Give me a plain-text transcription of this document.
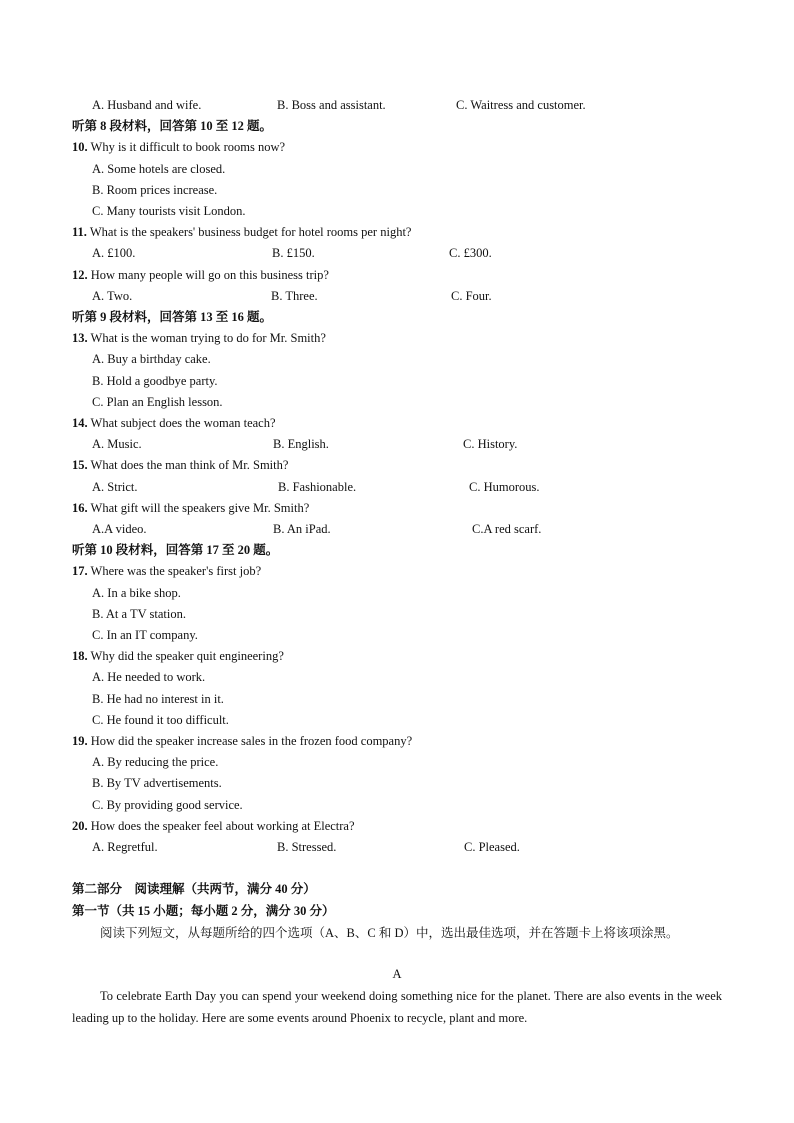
A. Husband and wife.	B. Boss and assistant.	C. Waitress and customer.
听第 8 段材料，回答第 10 至 12 题。
10. Why is it difficult to book rooms now?
A. Some hotels are closed.
B. Room prices increase.
C. Many tourists visit London.
11. What is the speakers' business budget for hotel rooms per night?
A. £100.	B. £150.	C. £300.
12. How many people will go on this business trip?
A. Two.	B. Three.	C. Four.
听第 9 段材料，回答第 13 至 16 题。
13. What is the woman trying to do for Mr. Smith?
A. Buy a birthday cake.
B. Hold a goodbye party.
C. Plan an English lesson.
14. What subject does the woman teach?
A. Music.	B. English.	C. History.
15. What does the man think of Mr. Smith?
A. Strict.	B. Fashionable.	C. Humorous.
16. What gift will the speakers give Mr. Smith?
A.A video.	B. An iPad.	C.A red scarf.
听第 10 段材料，回答第 17 至 20 题。
17. Where was the speaker's first job?
A. In a bike shop.
B. At a TV station.
C. In an IT company.
18. Why did the speaker quit engineering?
A. He needed to work.
B. He had no interest in it.
C. He found it too difficult.
19. How did the speaker increase sales in the frozen food company?
A. By reducing the price.
B. By TV advertisements.
C. By providing good service.
20. How does the speaker feel about working at Electra?
A. Regretful.	B. Stressed.	C. Pleased.
第二部分　阅读理解（共两节，满分 40 分）
第一节（共 15 小题；每小题 2 分，满分 30 分）
阅读下列短文，从每题所给的四个选项（A、B、C 和 D）中，选出最佳选项，并在答题卡上将该项涂黑。
A
To celebrate Earth Day you can spend your weekend doing something nice for the planet. There are also events in the week leading up to the holiday. Here are some events around Phoenix to recycle, plant and more.
